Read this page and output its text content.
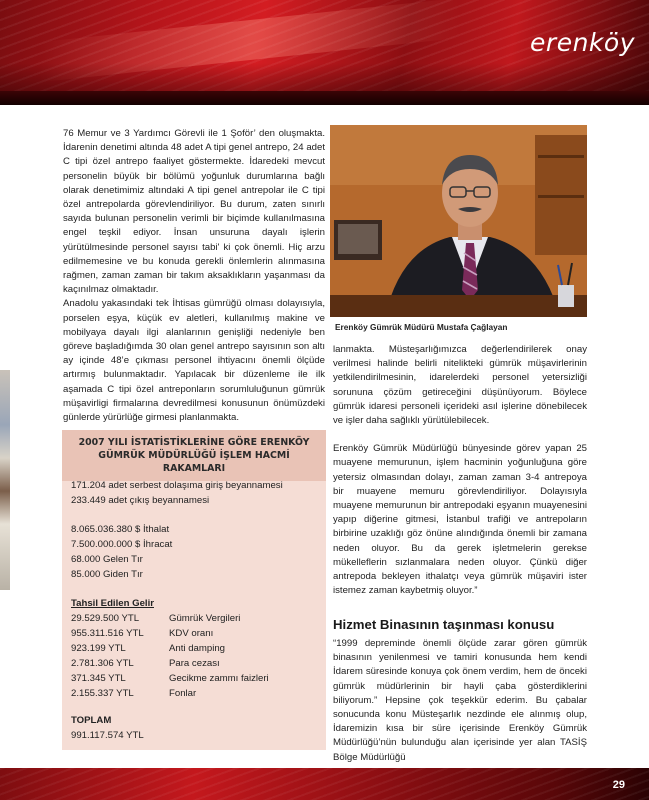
erenköy

76 Memur ve 3 Yardımcı Görevli ile 1 Şoför’ den oluşmakta. İdarenin denetimi altında 48 adet A tipi genel antrepo, 24 adet C tipi özel antrepo faaliyet göstermekte. İdaredeki mevcut personelin büyük bir bölümü yoğunluk durumlarına bağlı olarak denetimimiz altındaki A tipi genel antrepolar ile C tipi özel antrepolarda görevlendiriliyor. Bu durum, zaten sınırlı sayıda bulunan personelin verimli bir biçimde kullanılmasına engel teşkil ediyor. İnsan unsuruna dayalı işlerin yürütülmesinde personel sayısı tabi' ki çok önemli. Hiç arzu edilmemesine ve bu konuda gerekli önlemlerin alınmasına rağmen, zaman zaman bir takım aksaklıkların yaşanması da kaçınılmaz olmaktadır.

Anadolu yakasındaki tek İhtisas gümrüğü olması dolayısıyla, porselen eşya, küçük ev aletleri, kullanılmış makine ve mobilyaya dayalı ilgi alanlarının genişliği nedeniyle ben göreve başladığımda 30 olan genel antrepo sayısının son altı ay içinde 48’e çıkması personel ihtiyacını önemli ölçüde artırmış bulunmaktadır. Yapılacak bir düzenleme ile ilk aşamada C tipi özel antreponların sorumluluğunun gümrük müşavirligi firmalarına devredilmesi konusunun önümüzdeki günlerde yürürlüğe girmesi planlanmakta.

Erenköy Gümrük Müdürü Mustafa Çağlayan
2007 YILI İSTATİSTİKLERİNE GÖRE ERENKÖY
GÜMRÜK MÜDÜRLÜĞÜ İŞLEM HACMİ RAKAMLARI
171.204 adet serbest dolaşıma giriş beyannamesi
233.449 adet çıkış beyannamesi
8.065.036.380 $ İthalat
7.500.000.000 $ İhracat
68.000 Gelen Tır
85.000 Giden Tır
Tahsil Edilen Gelir
29.529.500 YTL	Gümrük Vergileri
955.311.516 YTL	KDV oranı
923.199 YTL	Anti damping
2.781.306 YTL	Para cezası
371.345 YTL	Gecikme zammı faizleri
2.155.337 YTL	Fonlar
TOPLAM
991.117.574 YTL

lanmakta. Müsteşarlığımızca değerlendirilerek onay verilmesi halinde belirli nitelikteki gümrük müşavirlerinin yetkilendirilmesinin, idarelerdeki personel yetersizliği sorununa çözüm getireceğini düşünüyorum. Böylece gümrük idaresi personeli içerideki asıl işlerine dönebilecek ve işler daha sağlıklı yürütülebilecek.

Erenköy Gümrük Müdürlüğü bünyesinde görev yapan 25 muayene memurunun, işlem hacminin yoğunluğuna göre yetersiz olmasından dolayı, zaman zaman 3-4 antrepoya bir muayene memuru görevlendiriliyor. Dolayısıyla muayene memurunun bir antrepodaki eşyanın muayenesini yapıp diğerine gitmesi, İstanbul trafiği ve antrepoların birbirine uzaklığı göz önüne alındığında önemli bir zamana neden oluyor. Bu da gerek işletmelerin gerekse mükelleflerin sızlanmalara neden oluyor. Çünkü diğer antrepoda bekleyen ithalatçı veya gümrük müşaviri ister istemez zaman kaybetmiş oluyor.”

Hizmet Binasının taşınması konusu

“1999 depreminde önemli ölçüde zarar gören gümrük binasının yenilenmesi ve tamiri konusunda hem kendi İdarem süresinde konuya çok önem verdim, hem de önceki gümrük müdürlerinin bir hayli çaba gösterdiklerini biliyorum.” Hepsine çok teşekkür ederim. Bu çabalar sonucunda konu Müsteşarlık nezdinde ele alınmış olup, İdaremizin kısa bir süre içerisinde Erenköy Gümrük Müdürlüğü’nün bulunduğu alan içerisinde yer alan TASİŞ Bölge Müdürlüğü

29
